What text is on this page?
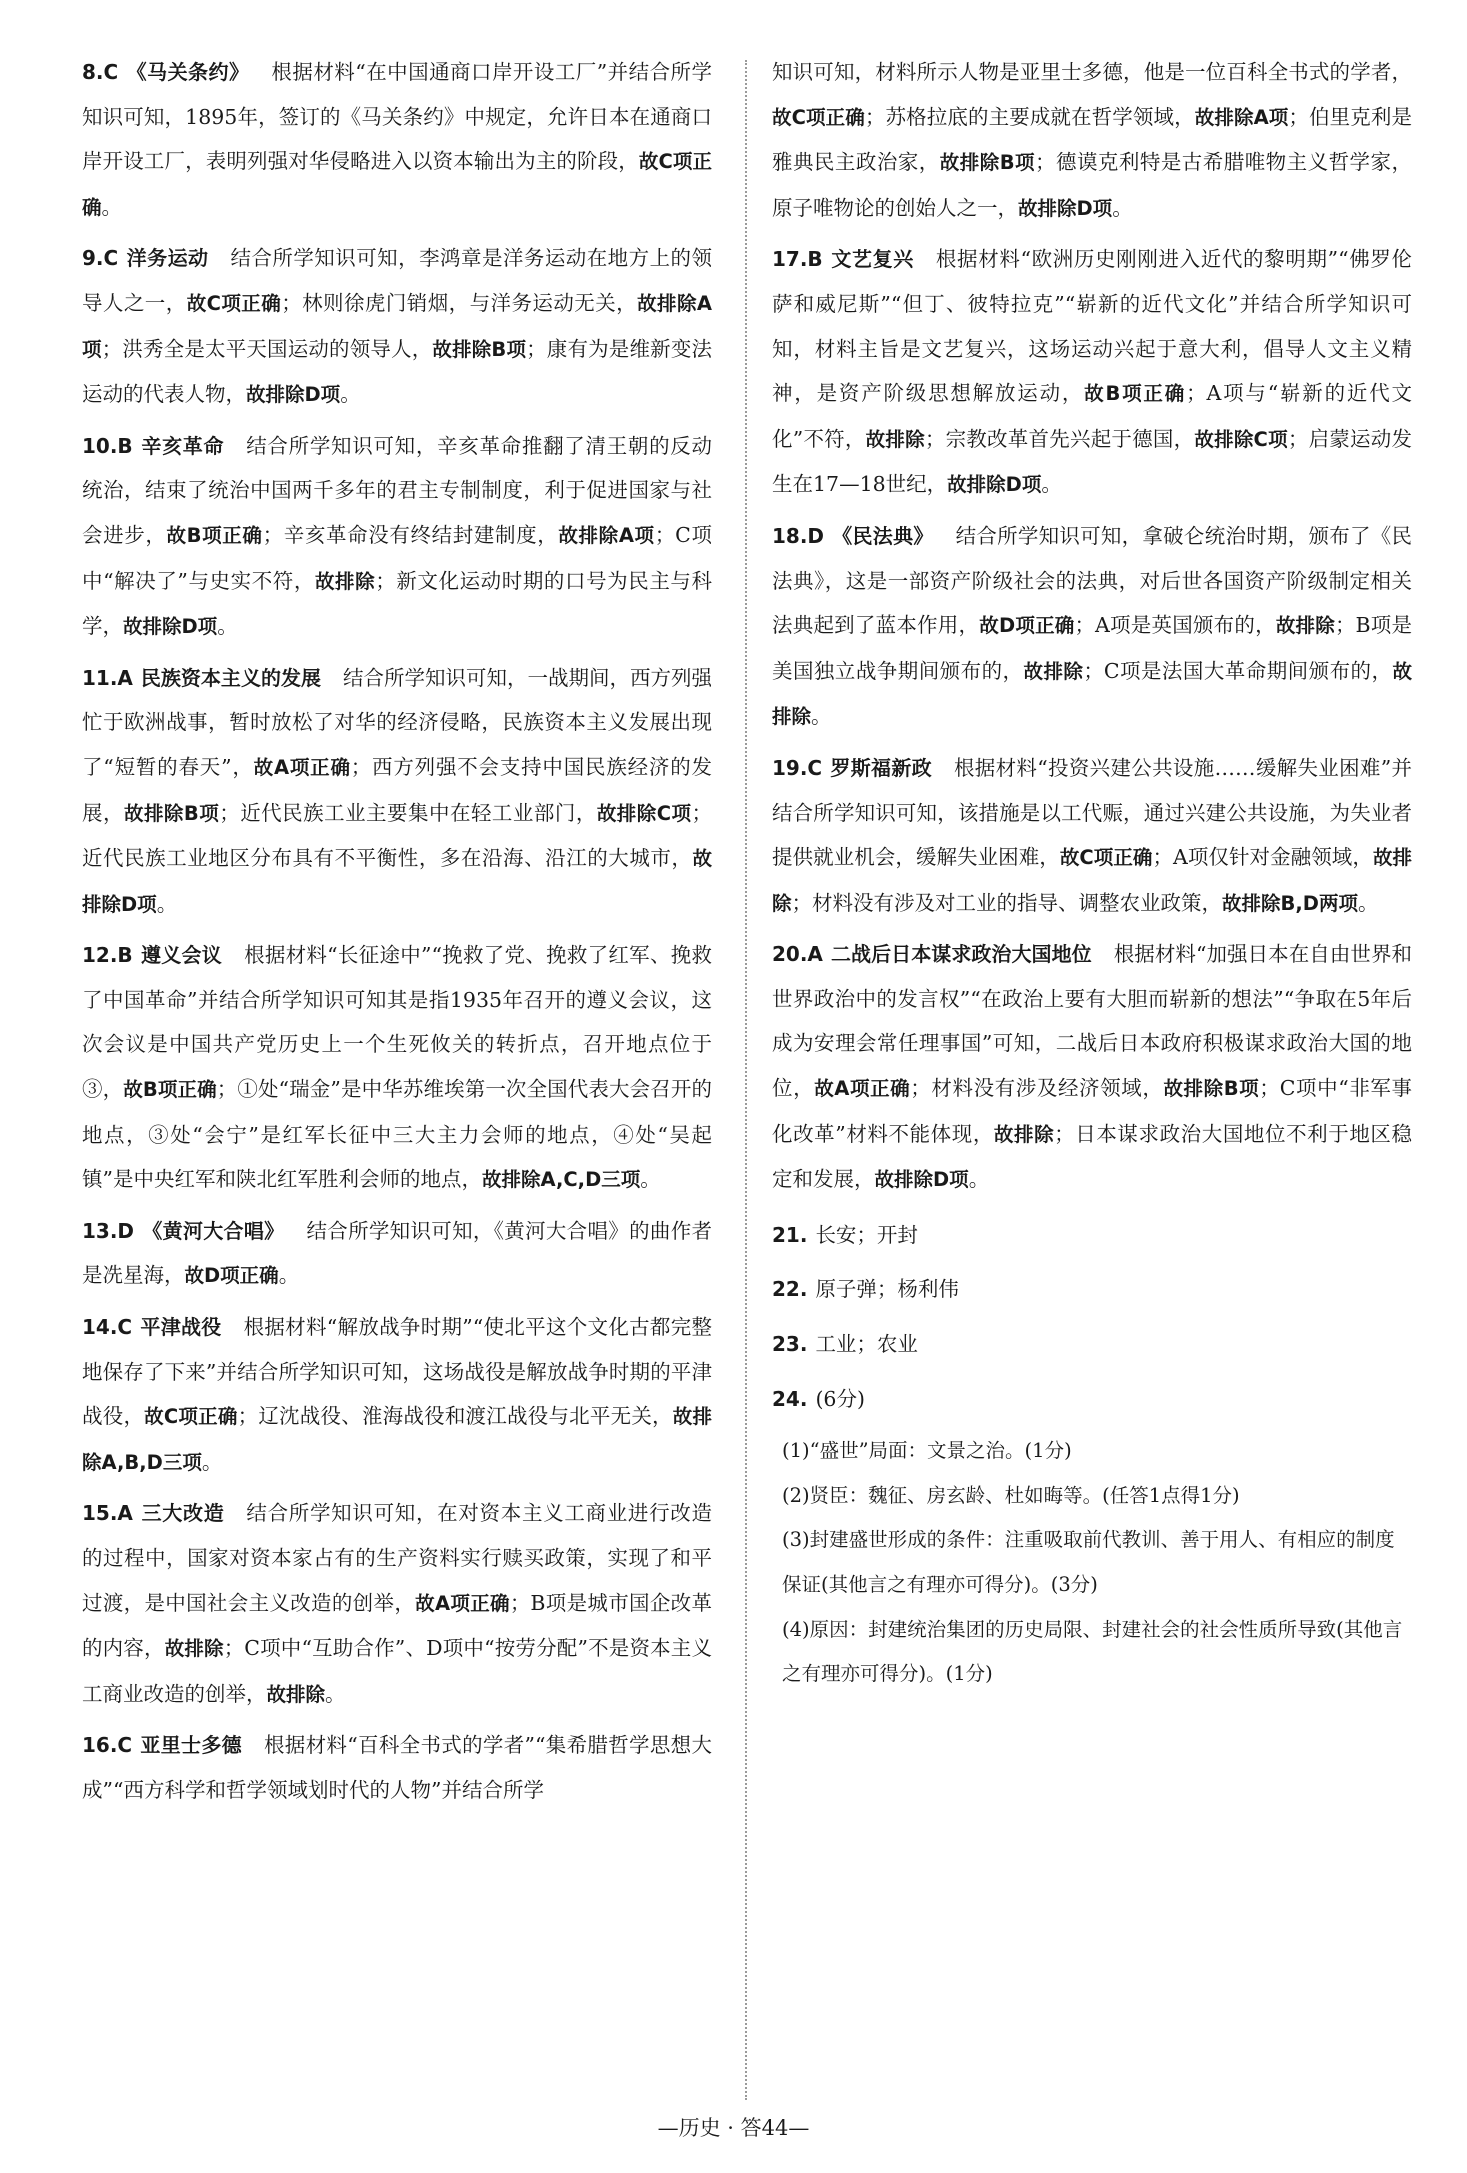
8.C 《马关条约》 根据材料“在中国通商口岸开设工厂”并结合所学知识可知，1895年，签订的《马关条约》中规定，允许日本在通商口岸开设工厂，表明列强对华侵略进入以资本输出为主的阶段，故C项正确。

9.C 洋务运动 结合所学知识可知，李鸿章是洋务运动在地方上的领导人之一，故C项正确；林则徐虎门销烟，与洋务运动无关，故排除A项；洪秀全是太平天国运动的领导人，故排除B项；康有为是维新变法运动的代表人物，故排除D项。

10.B 辛亥革命 结合所学知识可知，辛亥革命推翻了清王朝的反动统治，结束了统治中国两千多年的君主专制制度，利于促进国家与社会进步，故B项正确；辛亥革命没有终结封建制度，故排除A项；C项中“解决了”与史实不符，故排除；新文化运动时期的口号为民主与科学，故排除D项。

11.A 民族资本主义的发展 结合所学知识可知，一战期间，西方列强忙于欧洲战事，暂时放松了对华的经济侵略，民族资本主义发展出现了“短暂的春天”，故A项正确；西方列强不会支持中国民族经济的发展，故排除B项；近代民族工业主要集中在轻工业部门，故排除C项；近代民族工业地区分布具有不平衡性，多在沿海、沿江的大城市，故排除D项。

12.B 遵义会议 根据材料“长征途中”“挽救了党、挽救了红军、挽救了中国革命”并结合所学知识可知其是指1935年召开的遵义会议，这次会议是中国共产党历史上一个生死攸关的转折点，召开地点位于③，故B项正确；①处“瑞金”是中华苏维埃第一次全国代表大会召开的地点，③处“会宁”是红军长征中三大主力会师的地点，④处“吴起镇”是中央红军和陕北红军胜利会师的地点，故排除A,C,D三项。

13.D 《黄河大合唱》 结合所学知识可知，《黄河大合唱》的曲作者是冼星海，故D项正确。

14.C 平津战役 根据材料“解放战争时期”“使北平这个文化古都完整地保存了下来”并结合所学知识可知，这场战役是解放战争时期的平津战役，故C项正确；辽沈战役、淮海战役和渡江战役与北平无关，故排除A,B,D三项。

15.A 三大改造 结合所学知识可知，在对资本主义工商业进行改造的过程中，国家对资本家占有的生产资料实行赎买政策，实现了和平过渡，是中国社会主义改造的创举，故A项正确；B项是城市国企改革的内容，故排除；C项中“互助合作”、D项中“按劳分配”不是资本主义工商业改造的创举，故排除。

16.C 亚里士多德 根据材料“百科全书式的学者”“集希腊哲学思想大成”“西方科学和哲学领域划时代的人物”并结合所学

知识可知，材料所示人物是亚里士多德，他是一位百科全书式的学者，故C项正确；苏格拉底的主要成就在哲学领域，故排除A项；伯里克利是雅典民主政治家，故排除B项；德谟克利特是古希腊唯物主义哲学家，原子唯物论的创始人之一，故排除D项。

17.B 文艺复兴 根据材料“欧洲历史刚刚进入近代的黎明期”“佛罗伦萨和威尼斯”“但丁、彼特拉克”“崭新的近代文化”并结合所学知识可知，材料主旨是文艺复兴，这场运动兴起于意大利，倡导人文主义精神，是资产阶级思想解放运动，故B项正确；A项与“崭新的近代文化”不符，故排除；宗教改革首先兴起于德国，故排除C项；启蒙运动发生在17—18世纪，故排除D项。

18.D 《民法典》 结合所学知识可知，拿破仑统治时期，颁布了《民法典》，这是一部资产阶级社会的法典，对后世各国资产阶级制定相关法典起到了蓝本作用，故D项正确；A项是英国颁布的，故排除；B项是美国独立战争期间颁布的，故排除；C项是法国大革命期间颁布的，故排除。

19.C 罗斯福新政 根据材料“投资兴建公共设施……缓解失业困难”并结合所学知识可知，该措施是以工代赈，通过兴建公共设施，为失业者提供就业机会，缓解失业困难，故C项正确；A项仅针对金融领域，故排除；材料没有涉及对工业的指导、调整农业政策，故排除B,D两项。

20.A 二战后日本谋求政治大国地位 根据材料“加强日本在自由世界和世界政治中的发言权”“在政治上要有大胆而崭新的想法”“争取在5年后成为安理会常任理事国”可知，二战后日本政府积极谋求政治大国的地位，故A项正确；材料没有涉及经济领域，故排除B项；C项中“非军事化改革”材料不能体现，故排除；日本谋求政治大国地位不利于地区稳定和发展，故排除D项。

21. 长安；开封
22. 原子弹；杨利伟
23. 工业；农业
24. (6分)
(1)“盛世”局面：文景之治。(1分)
(2)贤臣：魏征、房玄龄、杜如晦等。(任答1点得1分)
(3)封建盛世形成的条件：注重吸取前代教训、善于用人、有相应的制度保证(其他言之有理亦可得分)。(3分)
(4)原因：封建统治集团的历史局限、封建社会的社会性质所导致(其他言之有理亦可得分)。(1分)
—历史 · 答44—
